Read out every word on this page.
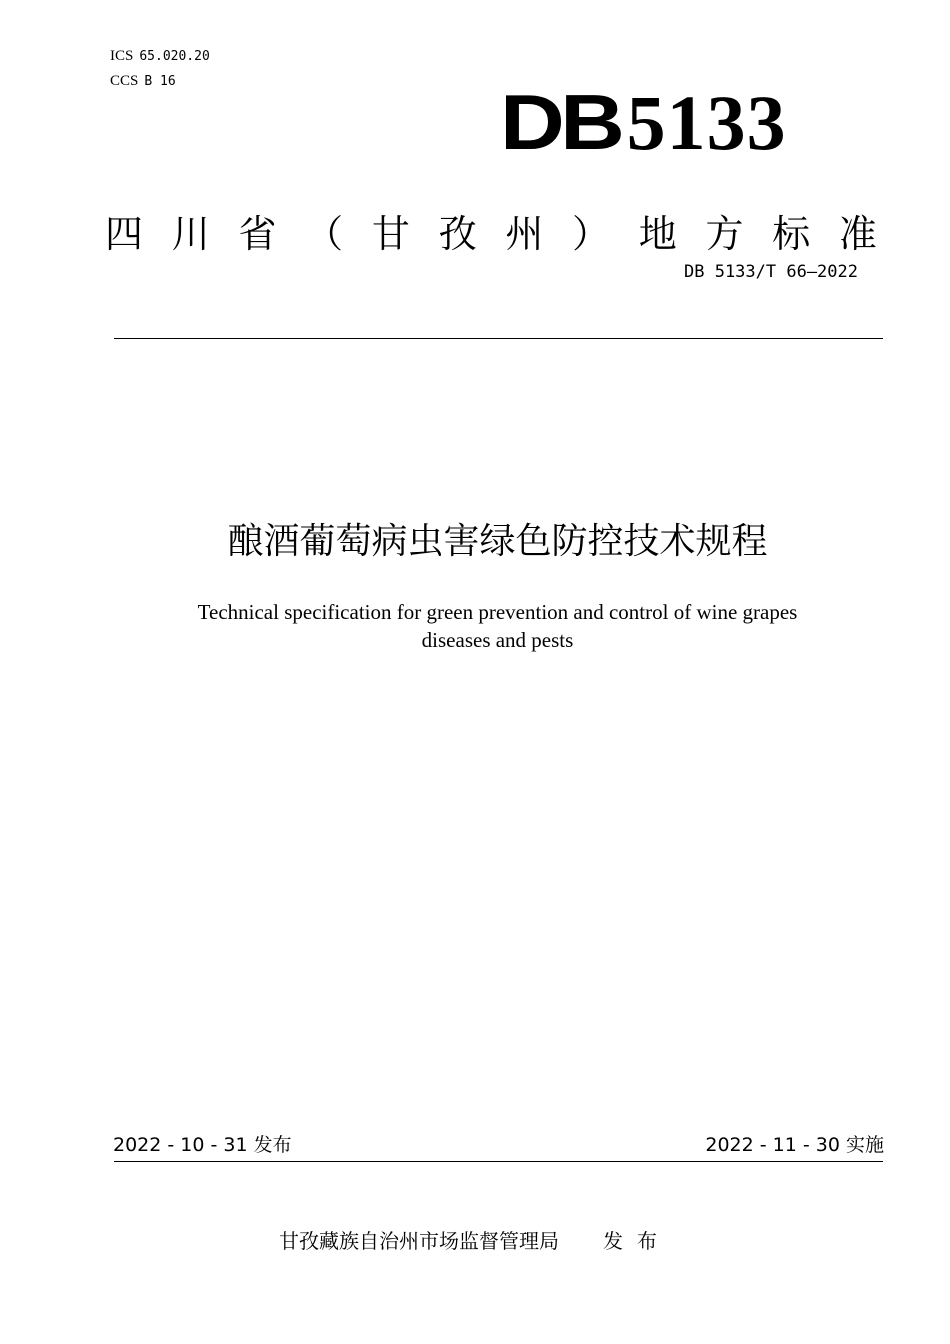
ICS 65.020.20
CCS B 16	DB5133
四 川 省 （ 甘 孜 州 ） 地 方 标 准
DB 5133/T 66—2022
酿酒葡萄病虫害绿色防控技术规程
Technical specification for green prevention and control of wine grapes
diseases and pests
2022 - 10 - 31 发布	2022 - 11 - 30 实施
甘孜藏族自治州市场监督管理局 发布
